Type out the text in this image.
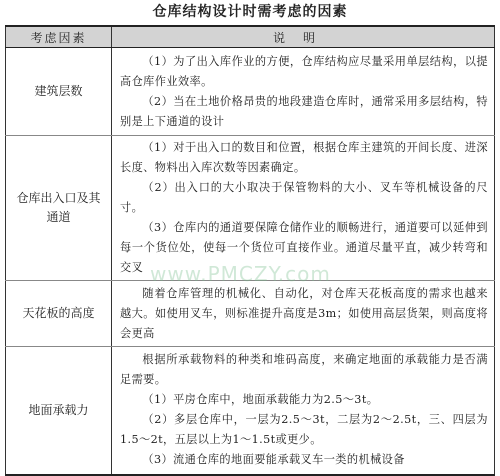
仓库结构设计时需考虑的因素
考虑因素	说明
建筑层数	（1）为了出入库作业的方便，仓库结构应尽量采用单层结构，以提高仓库作业效率。

（2）当在土地价格昂贵的地段建造仓库时，通常采用多层结构，特别是上下通道的设计

仓库出入口及其通道	（1）对于出入口的数目和位置，根据仓库主建筑的开间长度、进深长度、物料出入库次数等因素确定。

（2）出入口的大小取决于保管物料的大小、叉车等机械设备的尺寸。

（3）仓库内的通道要保障仓储作业的顺畅进行，通道要可以延伸到每一个货位处，使每一个货位可直接作业。通道尽量平直，减少转弯和交叉

天花板的高度	随着仓库管理的机械化、自动化，对仓库天花板高度的需求也越来越大。如使用叉车，则标准提升高度是3m；如使用高层货架，则高度将会更高

地面承载力	根据所承载物料的种类和堆码高度，来确定地面的承载能力是否满足需要。

（1）平房仓库中，地面承载能力为2.5～3t。

（2）多层仓库中，一层为2.5～3t，二层为2～2.5t，三、四层为1.5～2t，五层以上为1～1.5t或更少。

（3）流通仓库的地面要能承载叉车一类的机械设备

www.PMCZY.com
